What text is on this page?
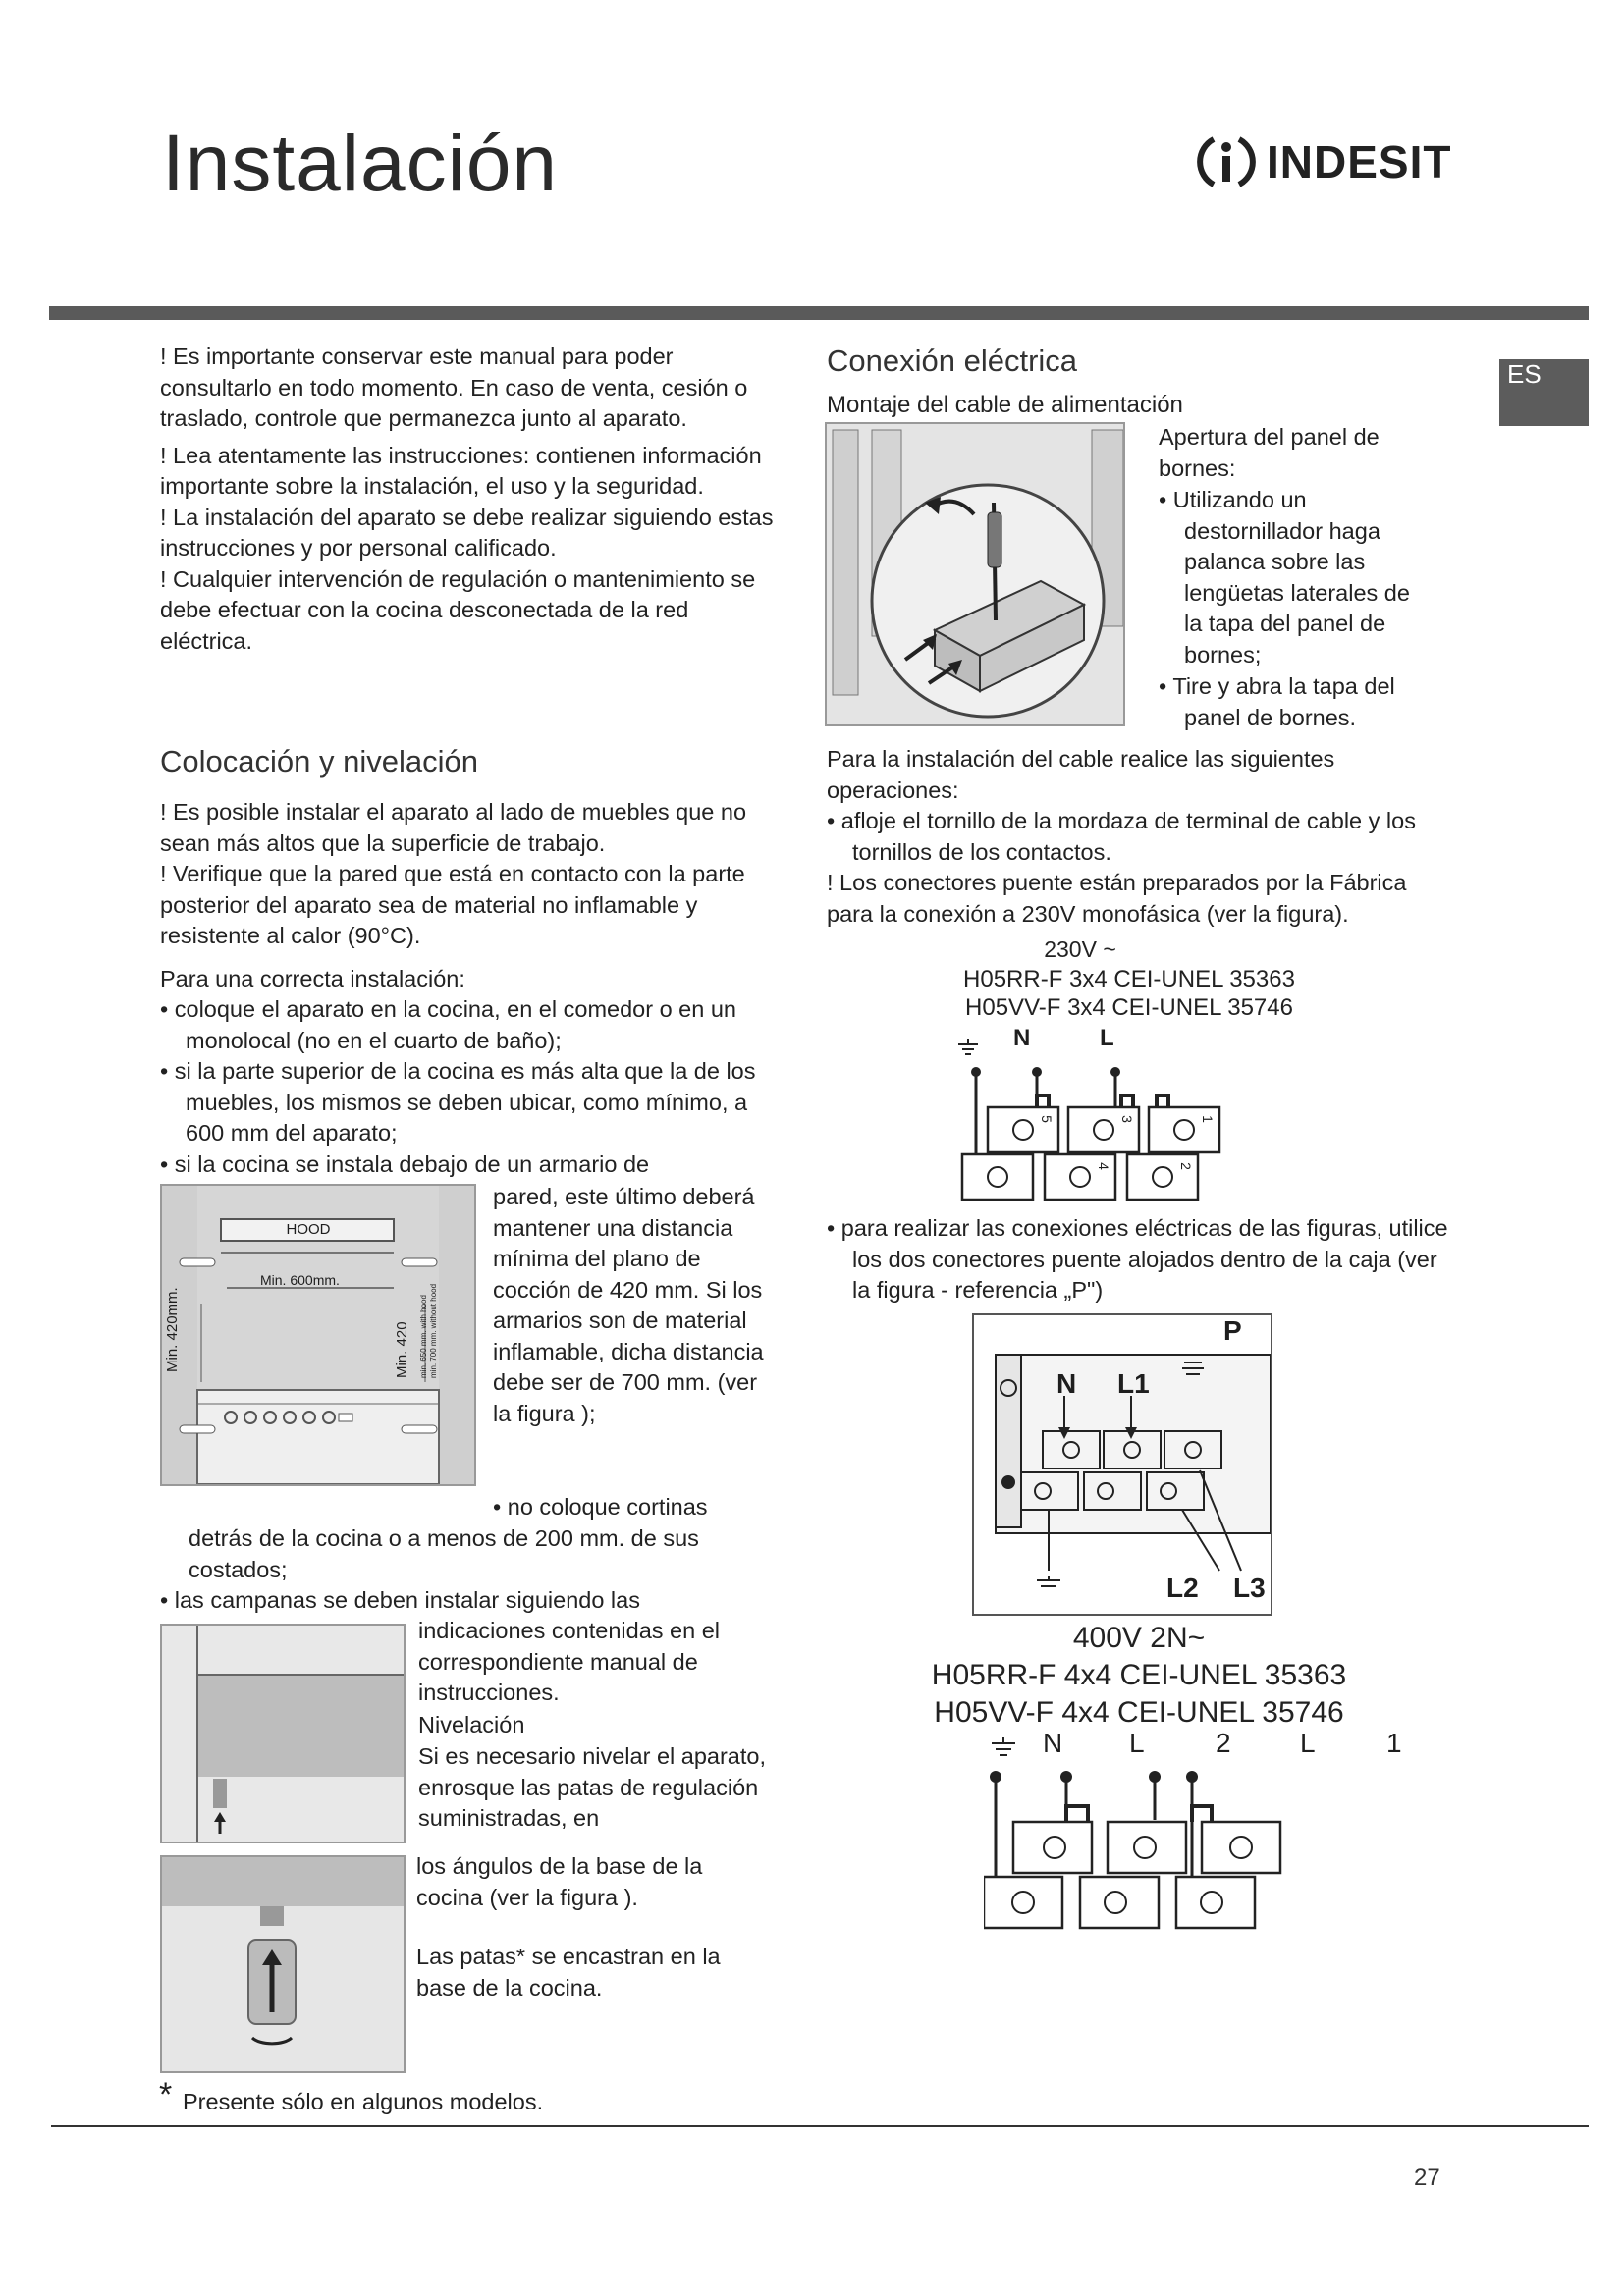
Instalación	INDESIT
ES

! Es importante conservar este manual para poder consultarlo en todo momento. En caso de venta, cesión o traslado, controle que permanezca junto al aparato.

! Lea atentamente las instrucciones: contienen información importante sobre la instalación, el uso y la seguridad.

! La instalación del aparato se debe realizar siguiendo estas instrucciones y por personal calificado.

! Cualquier intervención de regulación o mantenimiento se debe efectuar con la cocina desconectada de la red eléctrica.

Colocación y nivelación

! Es posible instalar el aparato al lado de muebles que no sean más altos que la superficie de trabajo.

! Verifique que la pared que está en contacto con la parte posterior del aparato sea de material no inflamable y resistente al calor (90°C).

Para una correcta instalación:

• coloque el aparato en la cocina, en el comedor o en un monolocal (no en el cuarto de baño);

• si la parte superior de la cocina es más alta que la de los muebles, los mismos se deben ubicar, como mínimo, a 600 mm del aparato;

• si la cocina se instala debajo de un armario de

HOOD
Min. 600mm.
Min. 420mm.	Min. 420 min. 650 mm. with hood min. 700 mm. without hood
pared, este último deberá mantener una distancia mínima del plano de cocción de 420 mm. Si los armarios son de material inflamable, dicha distancia debe ser de 700 mm. (ver la figura );
• no coloque cortinas
detrás de la cocina o a menos de 200 mm. de sus costados;
• las campanas se deben instalar siguiendo las
indicaciones contenidas en el correspondiente manual de instrucciones.
Nivelación
Si es necesario nivelar el aparato, enrosque las patas de regulación suministradas, en
los ángulos de la base de la cocina (ver la figura ).
Las patas* se encastran en la base de la cocina.
* Presente sólo en algunos modelos.
Conexión eléctrica
Montaje del cable de alimentación
Apertura del panel de bornes:
• Utilizando un destornillador haga palanca sobre las lengüetas laterales de la tapa del panel de bornes;
• Tire y abra la tapa del panel de bornes.

Para la instalación del cable realice las siguientes operaciones:

• afloje el tornillo de la mordaza de terminal de cable y los tornillos de los contactos.

! Los conectores puente están preparados por la Fábrica para la conexión a 230V monofásica (ver la figura).

230V ~
H05RR-F 3x4 CEI-UNEL 35363
H05VV-F 3x4 CEI-UNEL 35746
N	L
5	3	1
4	2
• para realizar las conexiones eléctricas de las figuras, utilice los dos conectores puente alojados dentro de la caja (ver la figura - referencia „P")
P
N L1
L2 L3
400V 2N~
H05RR-F 4x4 CEI-UNEL 35363
H05VV-F 4x4 CEI-UNEL 35746
N L	2	L	1
27
